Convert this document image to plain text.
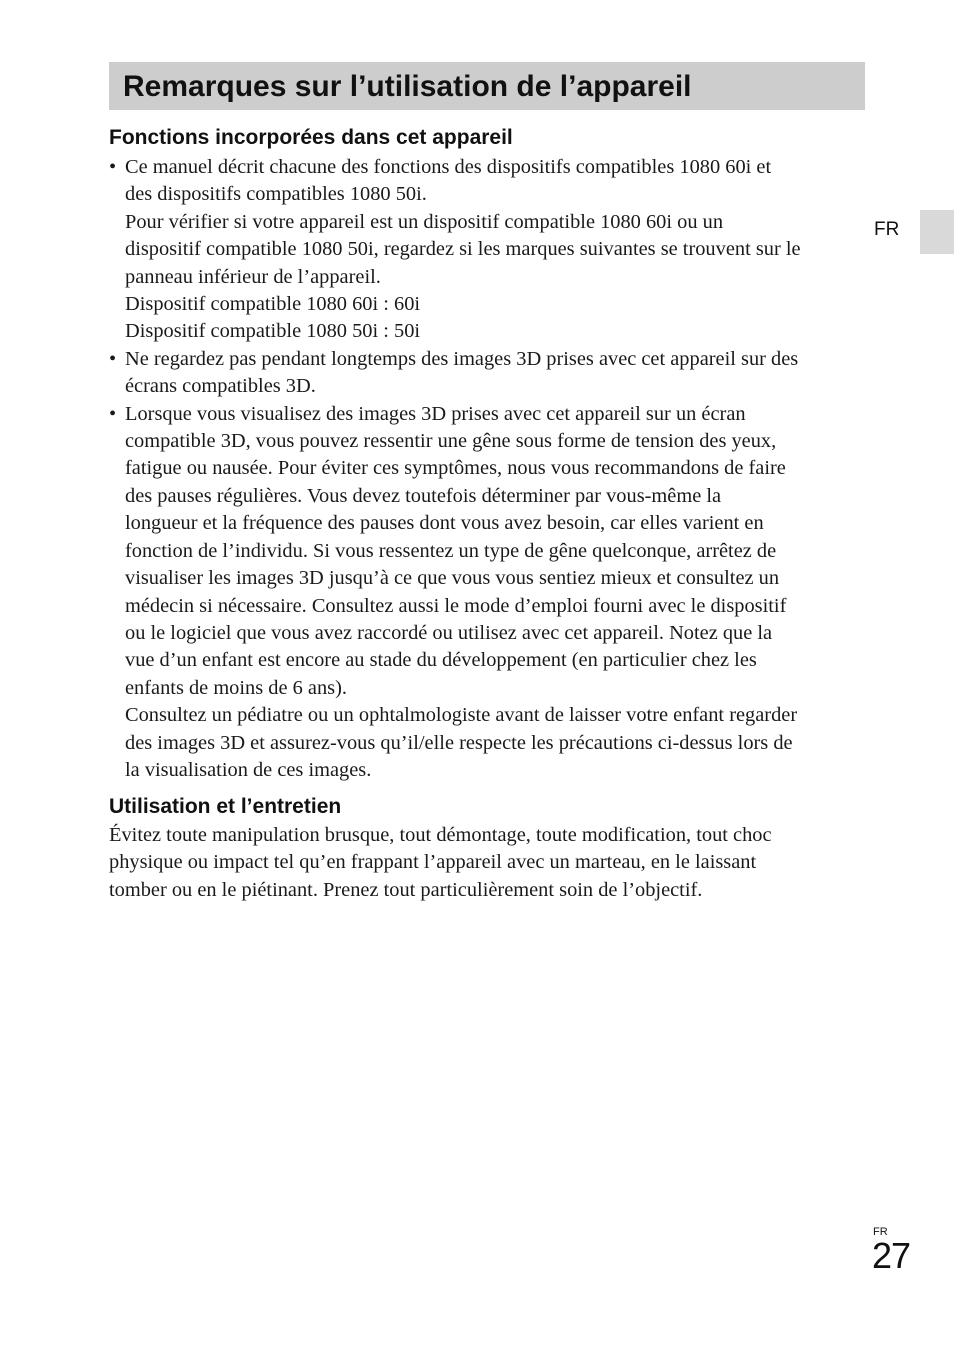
Remarques sur l’utilisation de l’appareil
FR
Fonctions incorporées dans cet appareil
• Ce manuel décrit chacune des fonctions des dispositifs compatibles 1080 60i et
des dispositifs compatibles 1080 50i.
Pour vérifier si votre appareil est un dispositif compatible 1080 60i ou un
dispositif compatible 1080 50i, regardez si les marques suivantes se trouvent sur le
panneau inférieur de l’appareil.
Dispositif compatible 1080 60i : 60i
Dispositif compatible 1080 50i : 50i
• Ne regardez pas pendant longtemps des images 3D prises avec cet appareil sur des
écrans compatibles 3D.
• Lorsque vous visualisez des images 3D prises avec cet appareil sur un écran
compatible 3D, vous pouvez ressentir une gêne sous forme de tension des yeux,
fatigue ou nausée. Pour éviter ces symptômes, nous vous recommandons de faire
des pauses régulières. Vous devez toutefois déterminer par vous-même la
longueur et la fréquence des pauses dont vous avez besoin, car elles varient en
fonction de l’individu. Si vous ressentez un type de gêne quelconque, arrêtez de
visualiser les images 3D jusqu’à ce que vous vous sentiez mieux et consultez un
médecin si nécessaire. Consultez aussi le mode d’emploi fourni avec le dispositif
ou le logiciel que vous avez raccordé ou utilisez avec cet appareil. Notez que la
vue d’un enfant est encore au stade du développement (en particulier chez les
enfants de moins de 6 ans).
Consultez un pédiatre ou un ophtalmologiste avant de laisser votre enfant regarder
des images 3D et assurez-vous qu’il/elle respecte les précautions ci-dessus lors de
la visualisation de ces images.
Utilisation et l’entretien
Évitez toute manipulation brusque, tout démontage, toute modification, tout choc
physique ou impact tel qu’en frappant l’appareil avec un marteau, en le laissant
tomber ou en le piétinant. Prenez tout particulièrement soin de l’objectif.
FR
27
